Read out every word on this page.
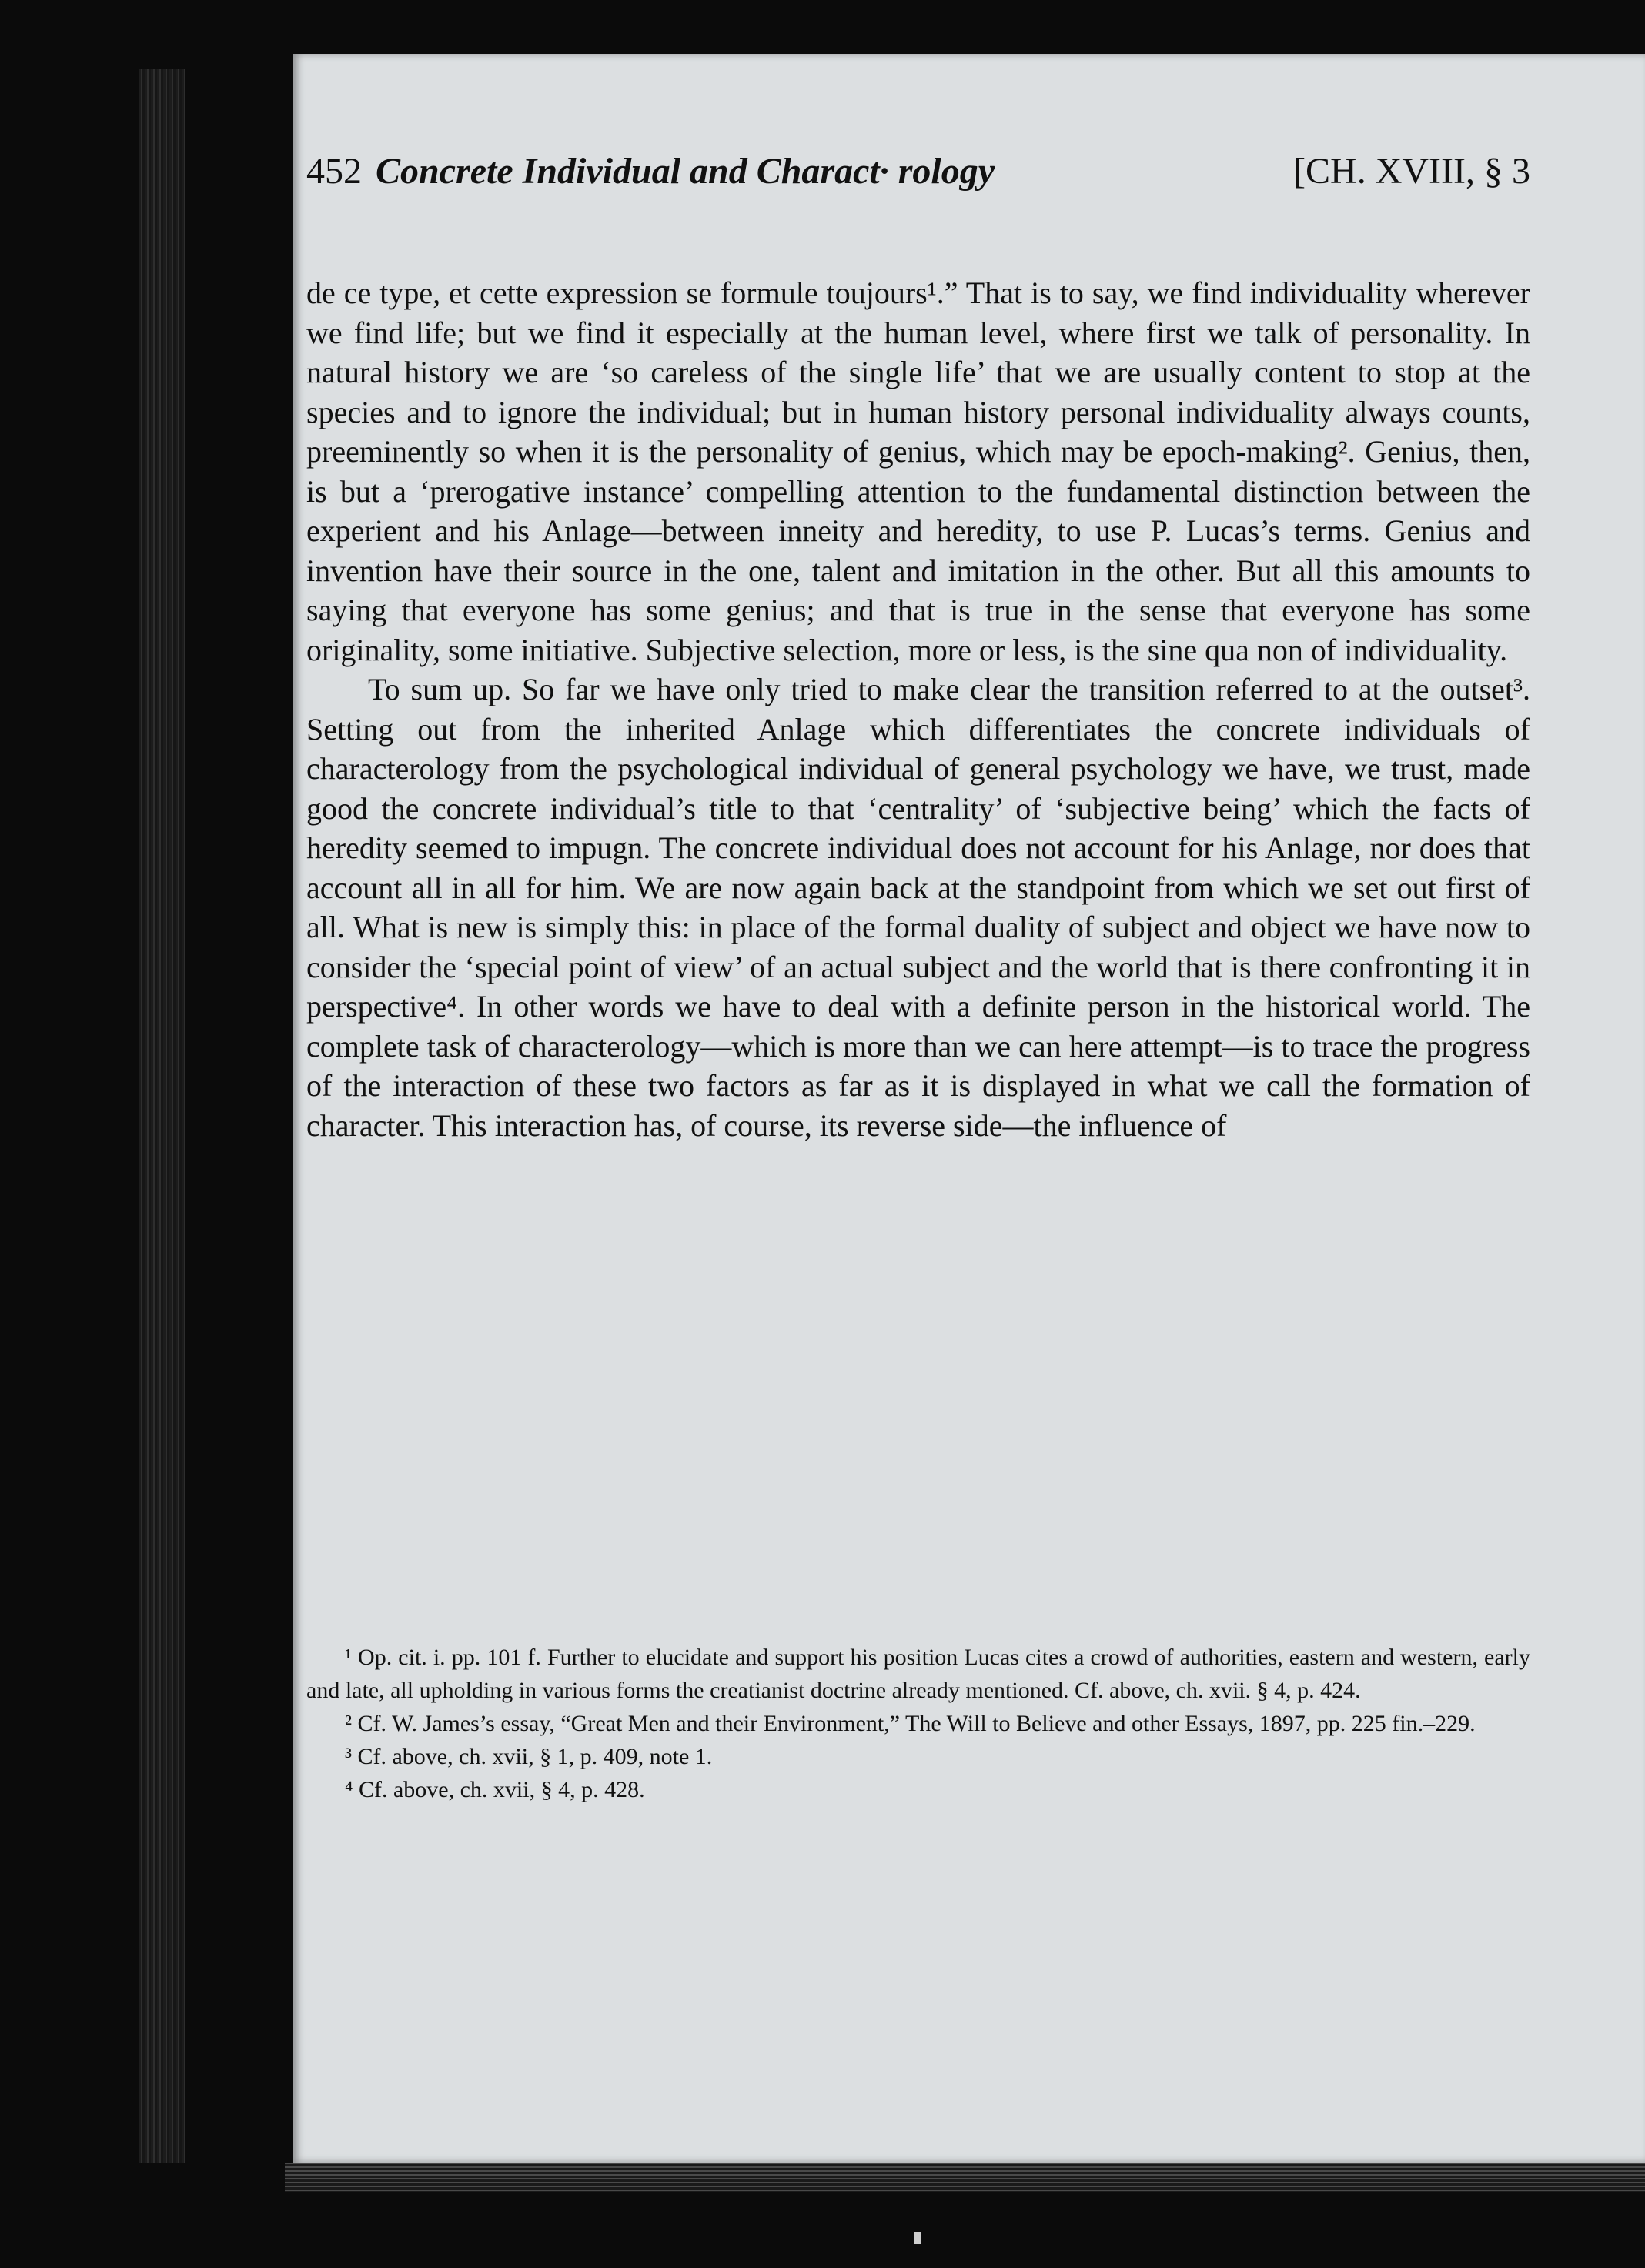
452 Concrete Individual and Charact· rology	[CH. XVIII, § 3

de ce type, et cette expression se formule toujours¹.” That is to say, we find individuality wherever we find life; but we find it especially at the human level, where first we talk of personality. In natural history we are ‘so careless of the single life’ that we are usually content to stop at the species and to ignore the individual; but in human history personal individuality always counts, preeminently so when it is the personality of genius, which may be epoch-making². Genius, then, is but a ‘prerogative instance’ compelling attention to the fundamental distinction between the experient and his Anlage—between inneity and heredity, to use P. Lucas’s terms. Genius and invention have their source in the one, talent and imitation in the other. But all this amounts to saying that everyone has some genius; and that is true in the sense that everyone has some originality, some initiative. Subjective selection, more or less, is the sine qua non of individuality.

To sum up. So far we have only tried to make clear the transition referred to at the outset³. Setting out from the inherited Anlage which differentiates the concrete individuals of characterology from the psychological individual of general psychology we have, we trust, made good the concrete individual’s title to that ‘centrality’ of ‘subjective being’ which the facts of heredity seemed to impugn. The concrete individual does not account for his Anlage, nor does that account all in all for him. We are now again back at the standpoint from which we set out first of all. What is new is simply this: in place of the formal duality of subject and object we have now to consider the ‘special point of view’ of an actual subject and the world that is there confronting it in perspective⁴. In other words we have to deal with a definite person in the historical world. The complete task of characterology—which is more than we can here attempt—is to trace the progress of the interaction of these two factors as far as it is displayed in what we call the formation of character. This interaction has, of course, its reverse side—the influence of

¹ Op. cit. i. pp. 101 f. Further to elucidate and support his position Lucas cites a crowd of authorities, eastern and western, early and late, all upholding in various forms the creatianist doctrine already mentioned. Cf. above, ch. xvii. § 4, p. 424.

² Cf. W. James’s essay, “Great Men and their Environment,” The Will to Believe and other Essays, 1897, pp. 225 fin.–229.

³ Cf. above, ch. xvii, § 1, p. 409, note 1.

⁴ Cf. above, ch. xvii, § 4, p. 428.
